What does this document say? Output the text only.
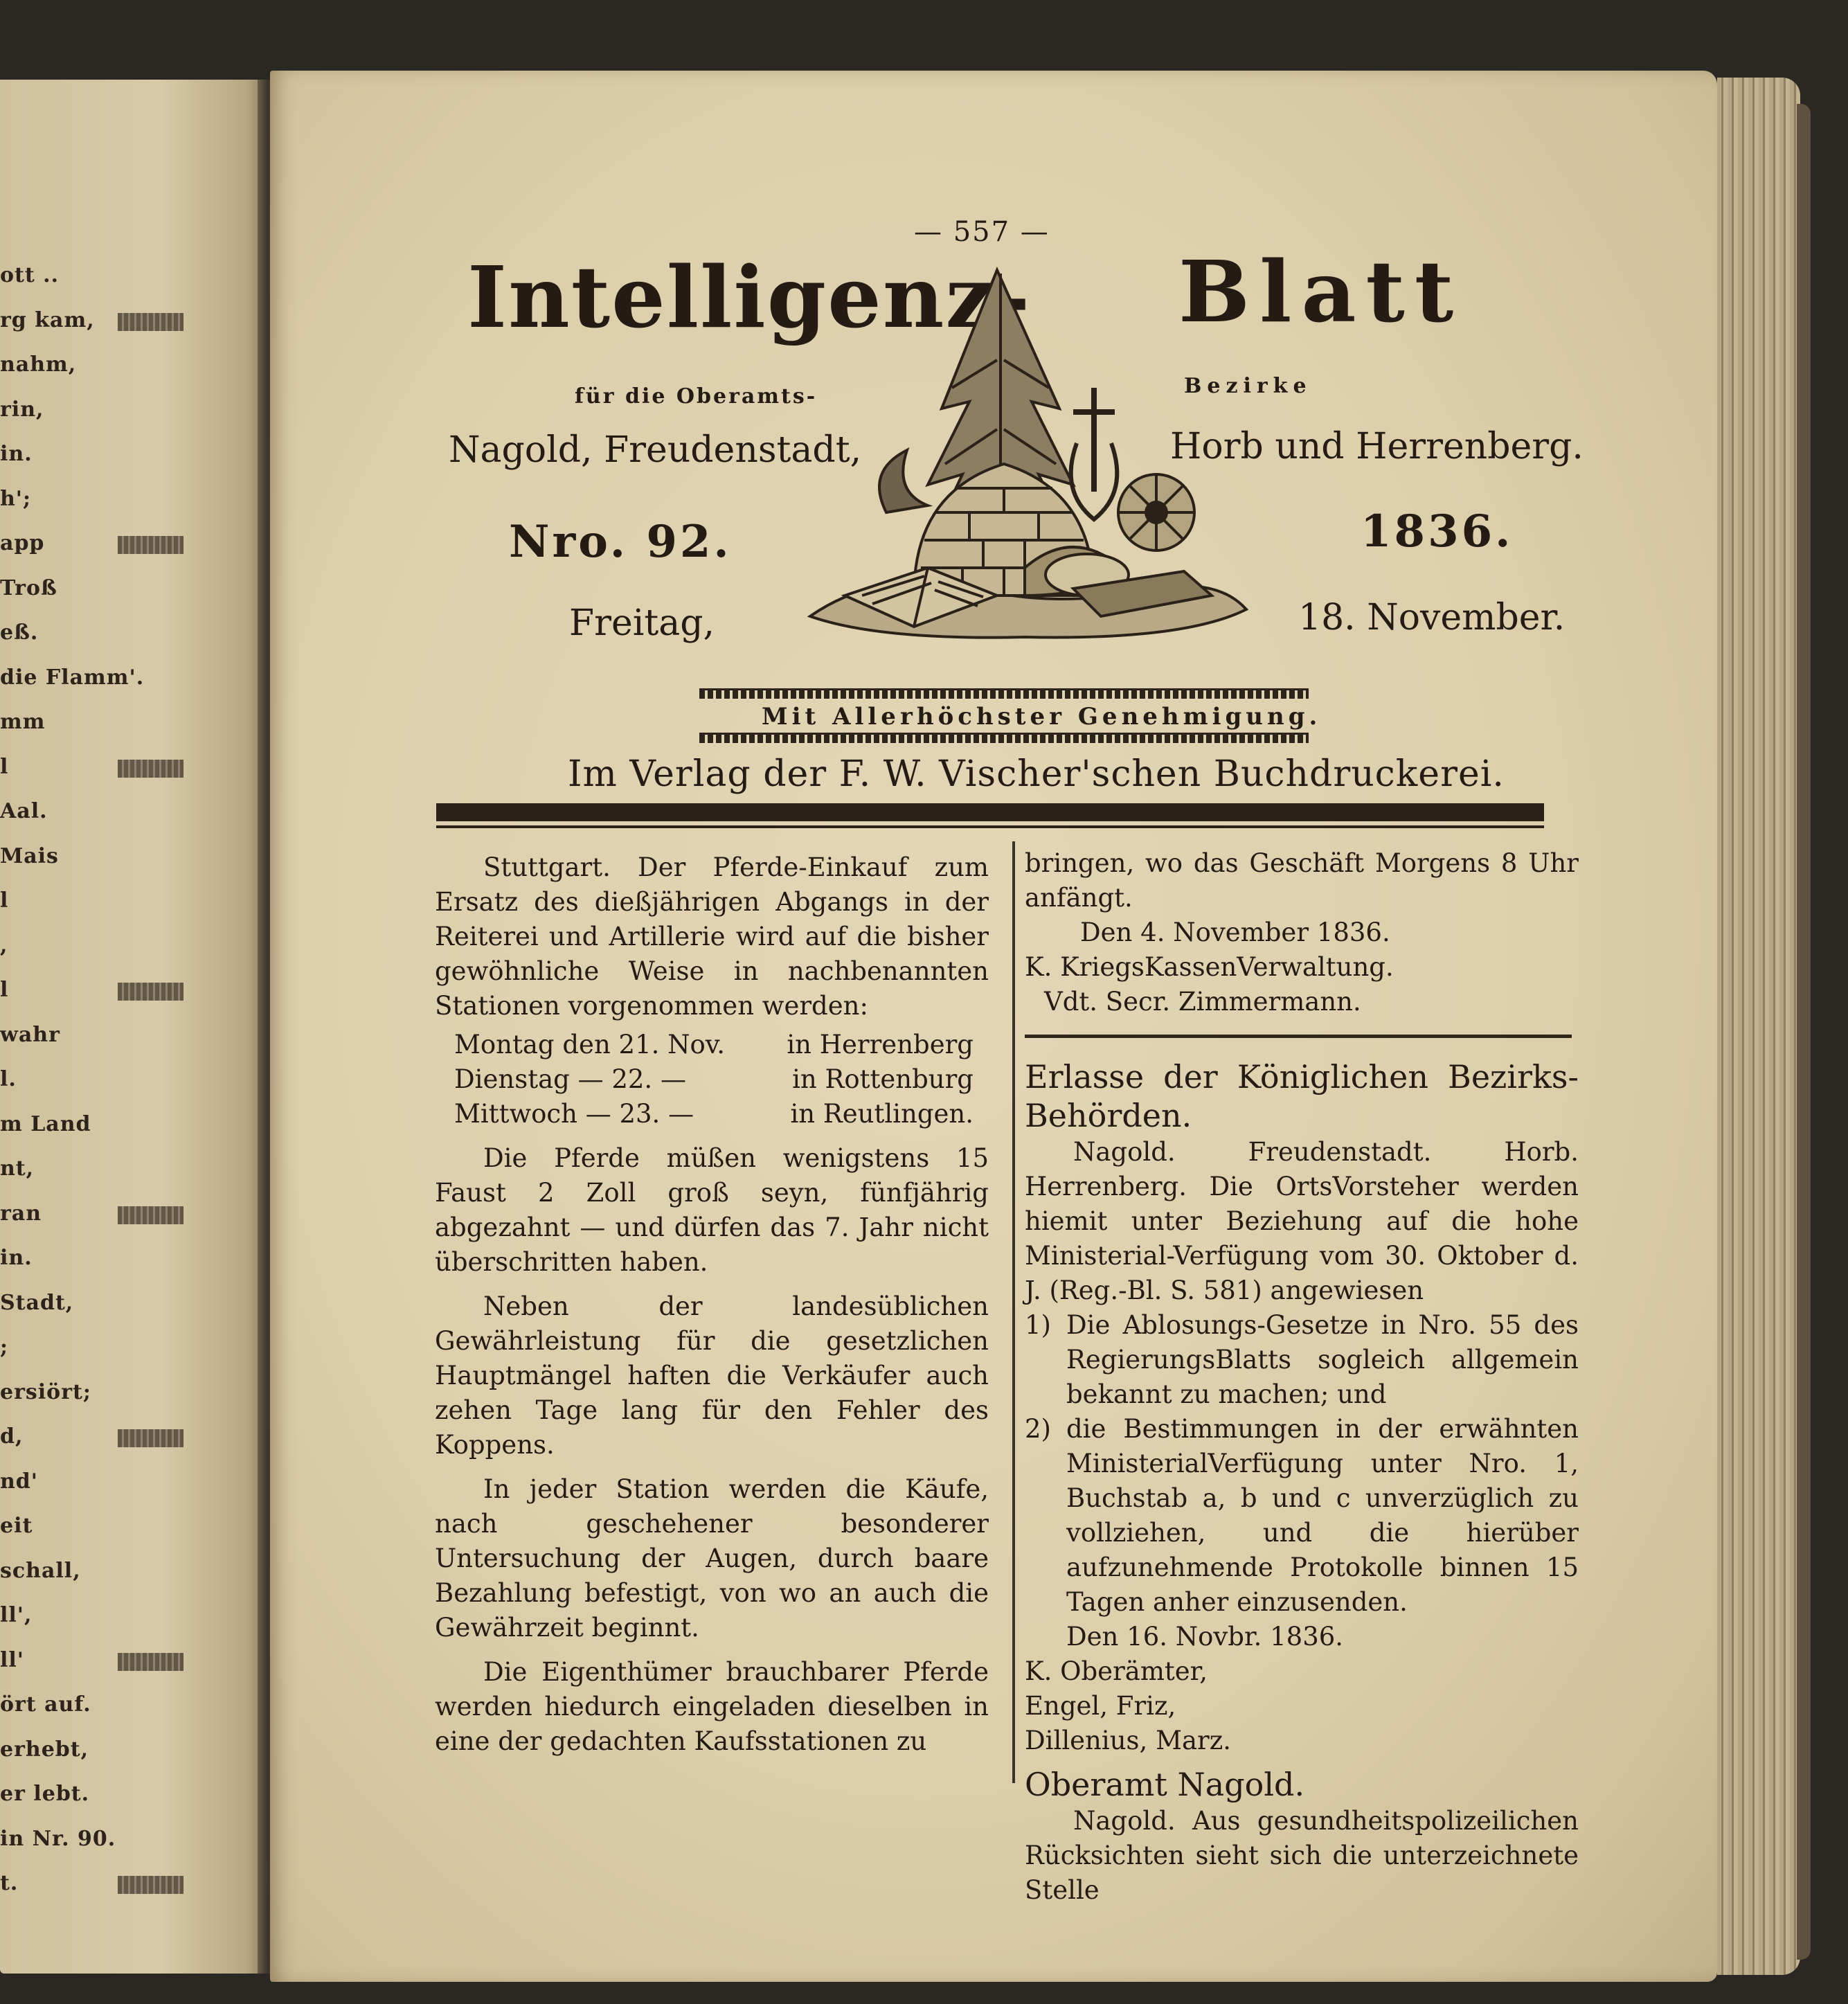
ott ..
rg kam,
nahm,
rin,
in.
h';
app
Troß
eß.
die Flamm'.
mm
l
Aal.
Mais
l
,
l
wahr
l.
m Land
nt,
ran
in.
Stadt,
;
ersiört;
d,
nd'
eit
schall,
ll',
ll'
ört auf.
erhebt,
er lebt.
in Nr. 90.
t.
— 557 —
Intelligenz- Blatt
für die Oberamts-	Bezirke
Nagold, Freudenstadt,	Horb und Herrenberg.
Nro. 92.	1836.
Freitag,	18. November.
Mit Allerhöchster Genehmigung.
Im Verlag der F. W. Vischer'schen Buchdruckerei.

Stuttgart. Der Pferde-Einkauf zum Ersatz des dießjährigen Abgangs in der Reiterei und Artillerie wird auf die bisher gewöhnliche Weise in nachbenannten Stationen vorgenommen werden:

Montag den 21. Nov. in Herrenberg
Dienstag — 22. —	in Rottenburg
Mittwoch — 23. —	in Reutlingen.

Die Pferde müßen wenigstens 15 Faust 2 Zoll groß seyn, fünfjährig abgezahnt — und dürfen das 7. Jahr nicht überschritten haben.

Neben der landesüblichen Gewährleistung für die gesetzlichen Hauptmängel haften die Verkäufer auch zehen Tage lang für den Fehler des Koppens.

In jeder Station werden die Käufe, nach geschehener besonderer Untersuchung der Augen, durch baare Bezahlung befestigt, von wo an auch die Gewährzeit beginnt.

Die Eigenthümer brauchbarer Pferde werden hiedurch eingeladen dieselben in eine der gedachten Kaufsstationen zu

bringen, wo das Geschäft Morgens 8 Uhr anfängt.

Den 4. November 1836.

K. KriegsKassenVerwaltung.

Vdt. Secr. Zimmermann.

Erlasse der Königlichen Bezirks-Behörden.

Nagold. Freudenstadt. Horb. Herrenberg. Die OrtsVorsteher werden hiemit unter Beziehung auf die hohe Ministerial-Verfügung vom 30. Oktober d. J. (Reg.-Bl. S. 581) angewiesen

1) Die Ablosungs-Gesetze in Nro. 55 des RegierungsBlatts sogleich allgemein bekannt zu machen; und
2) die Bestimmungen in der erwähnten MinisterialVerfügung unter Nro. 1, Buchstab a, b und c unverzüglich zu vollziehen, und die hierüber aufzunehmende Protokolle binnen 15 Tagen anher einzusenden.

Den 16. Novbr. 1836.

K. Oberämter,

Engel, Friz,

Dillenius, Marz.

Oberamt Nagold.

Nagold. Aus gesundheitspolizeilichen Rücksichten sieht sich die unterzeichnete Stelle
